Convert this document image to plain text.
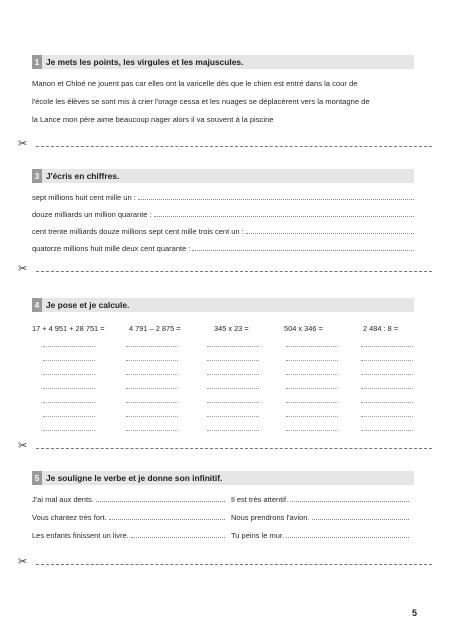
1 Je mets les points, les virgules et les majuscules.
Manon et Chloé ne jouent pas car elles ont la varicelle dès que le chien est entré dans la cour de
l'école les élèves se sont mis à crier l'orage cessa et les nuages se déplacèrent vers la montagne de
la Lance mon père aime beaucoup nager alors il va souvent à la piscine
✂
3 J'écris en chiffres.
sept millions huit cent mille un :
douze milliards un million quarante :
cent trente milliards douze millions sept cent mille trois cent un :
quatorze millions huit mille deux cent quarante :
✂
4 Je pose et je calcule.
17 + 4 951 + 28 751 =	4 791 – 2 875 =	345 x 23 =	504 x 346 =	2 484 : 8 =
✂
5 Je souligne le verbe et je donne son infinitif.
J'ai mal aux dents.	Il est très attentif.
Vous chantez très fort.	Nous prendrons l'avion.
Les enfants finissent un livre.	Tu peins le mur.
✂
5
